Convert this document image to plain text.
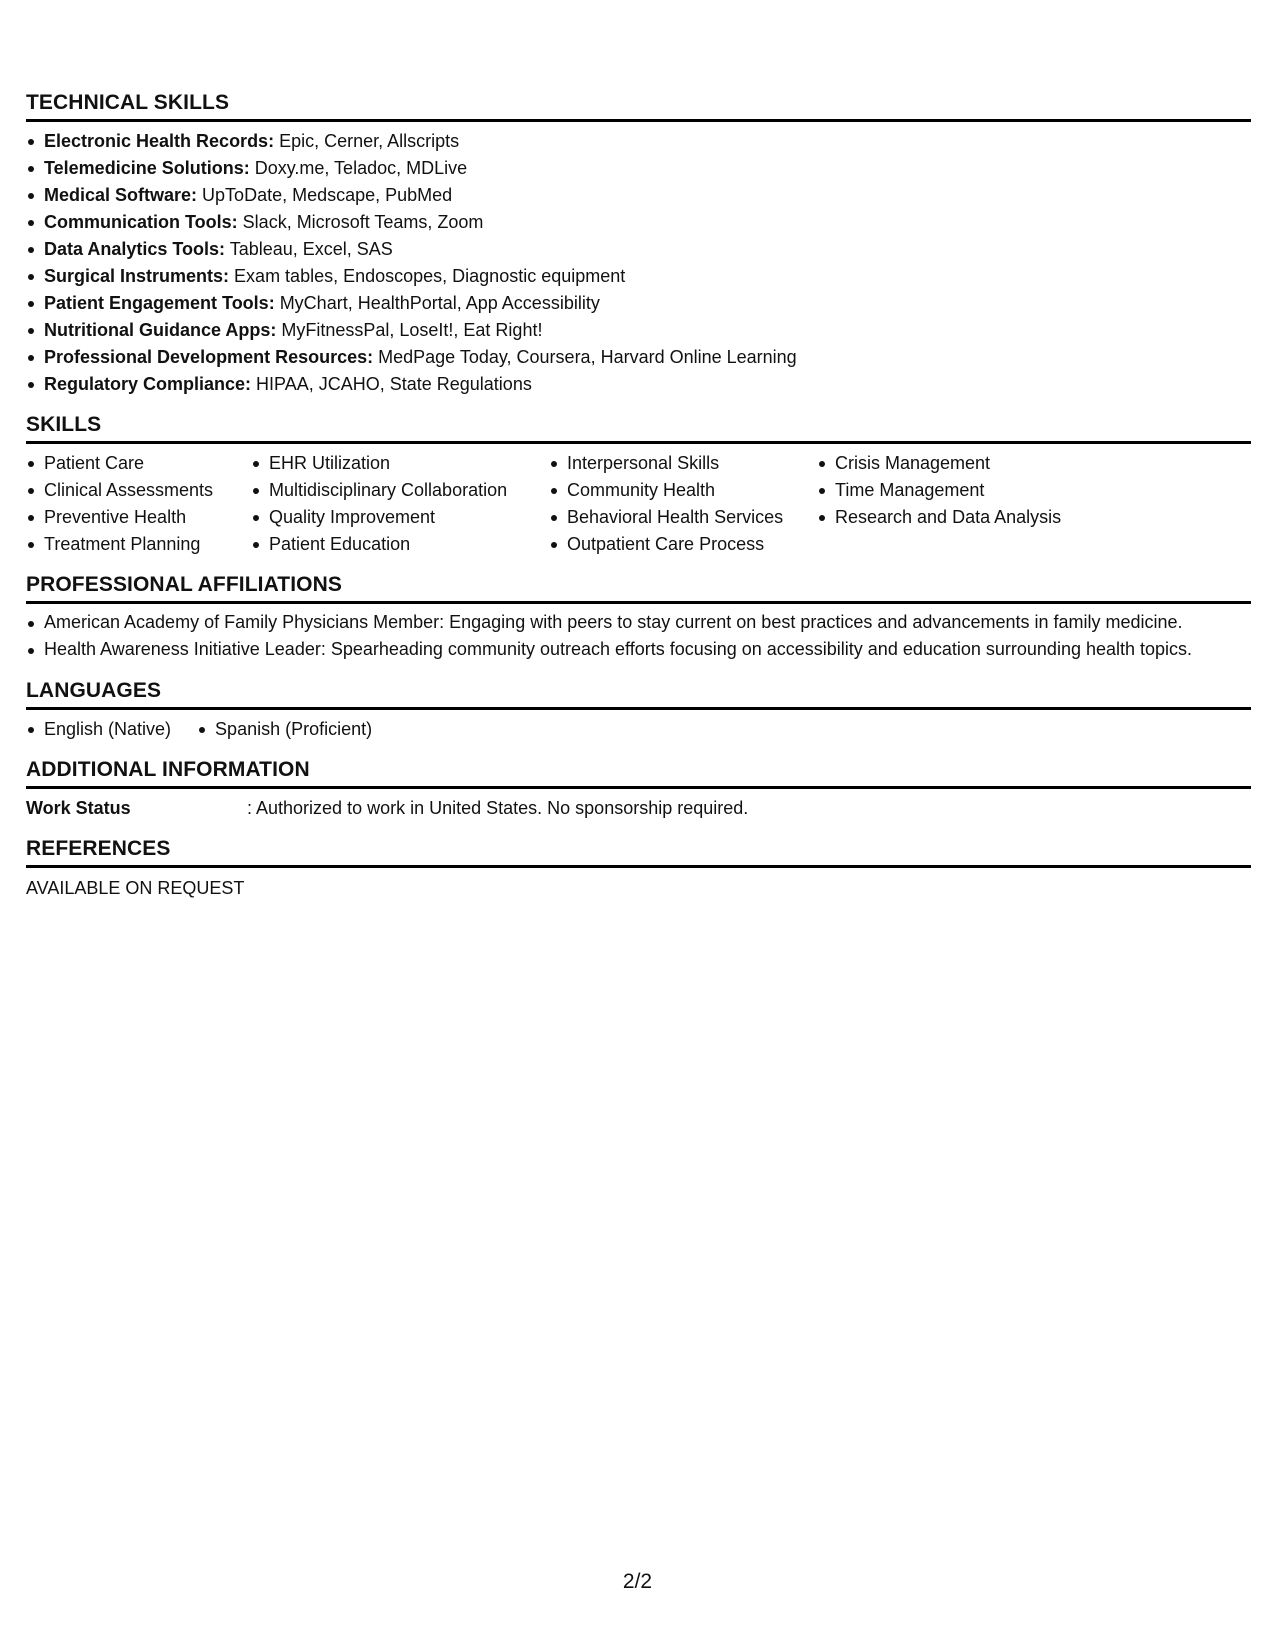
TECHNICAL SKILLS
Electronic Health Records: Epic, Cerner, Allscripts
Telemedicine Solutions: Doxy.me, Teladoc, MDLive
Medical Software: UpToDate, Medscape, PubMed
Communication Tools: Slack, Microsoft Teams, Zoom
Data Analytics Tools: Tableau, Excel, SAS
Surgical Instruments: Exam tables, Endoscopes, Diagnostic equipment
Patient Engagement Tools: MyChart, HealthPortal, App Accessibility
Nutritional Guidance Apps: MyFitnessPal, LoseIt!, Eat Right!
Professional Development Resources: MedPage Today, Coursera, Harvard Online Learning
Regulatory Compliance: HIPAA, JCAHO, State Regulations
SKILLS
Patient Care
Clinical Assessments
Preventive Health
Treatment Planning
EHR Utilization
Multidisciplinary Collaboration
Quality Improvement
Patient Education
Interpersonal Skills
Community Health
Behavioral Health Services
Outpatient Care Process
Crisis Management
Time Management
Research and Data Analysis
PROFESSIONAL AFFILIATIONS
American Academy of Family Physicians Member: Engaging with peers to stay current on best practices and advancements in family medicine.
Health Awareness Initiative Leader: Spearheading community outreach efforts focusing on accessibility and education surrounding health topics.
LANGUAGES
English (Native) Spanish (Proficient)
ADDITIONAL INFORMATION
Work Status	: Authorized to work in United States. No sponsorship required.
REFERENCES
AVAILABLE ON REQUEST
2/2
